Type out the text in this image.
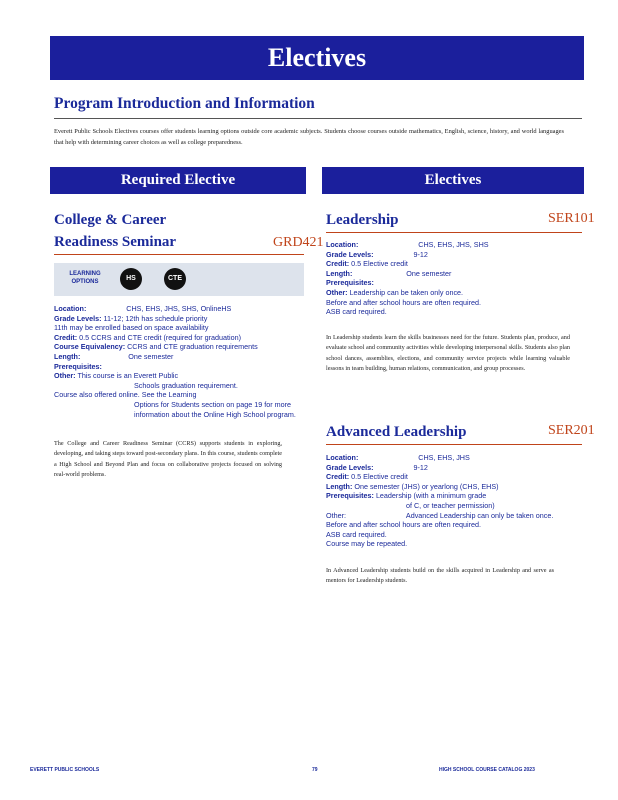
Electives
Program Introduction and Information
Everett Public Schools Electives courses offer students learning options outside core academic subjects. Students choose courses outside mathematics, English, science, history, and world languages that help with determining career choices as well as college preparedness.
Required Elective	Electives
College & Career
Readiness Seminar	GRD421
LEARNING OPTIONS	HS	CTE
Location:	CHS, EHS, JHS, SHS, OnlineHS
Grade Levels: 11-12; 12th has schedule priority
11th may be enrolled based on space availability
Credit: 0.5 CCRS and CTE credit (required for graduation)
Course Equivalency: CCRS and CTE graduation requirements
Length:	One semester
Prerequisites:
Other: This course is an Everett Public
Schools graduation requirement.
Course also offered online. See the Learning
Options for Students section on page 19 for more
information about the Online High School program.
The College and Career Readiness Seminar (CCRS) supports students in exploring, developing, and taking steps toward post-secondary plans. In this course, students complete a High School and Beyond Plan and focus on collaborative projects focused on solving real-world problems.
Leadership	SER101
Location:	CHS, EHS, JHS, SHS
Grade Levels:	9-12
Credit: 0.5 Elective credit
Length:	One semester
Prerequisites:
Other: Leadership can be taken only once.
Before and after school hours are often required.
ASB card required.
In Leadership students learn the skills businesses need for the future. Students plan, produce, and evaluate school and community activities while developing interpersonal skills. Students also plan school dances, assemblies, elections, and community service projects while learning valuable lessons in team building, human relations, communication, and group processes.
Advanced Leadership	SER201
Location:	CHS, EHS, JHS
Grade Levels:	9-12
Credit: 0.5 Elective credit
Length: One semester (JHS) or yearlong (CHS, EHS)
Prerequisites: Leadership (with a minimum grade
of C, or teacher permission)
Other:	Advanced Leadership can only be taken once.
Before and after school hours are often required.
ASB card required.
Course may be repeated.
In Advanced Leadership students build on the skills acquired in Leadership and serve as mentors for Leadership students.
EVERETT PUBLIC SCHOOLS	79	HIGH SCHOOL COURSE CATALOG 2023
